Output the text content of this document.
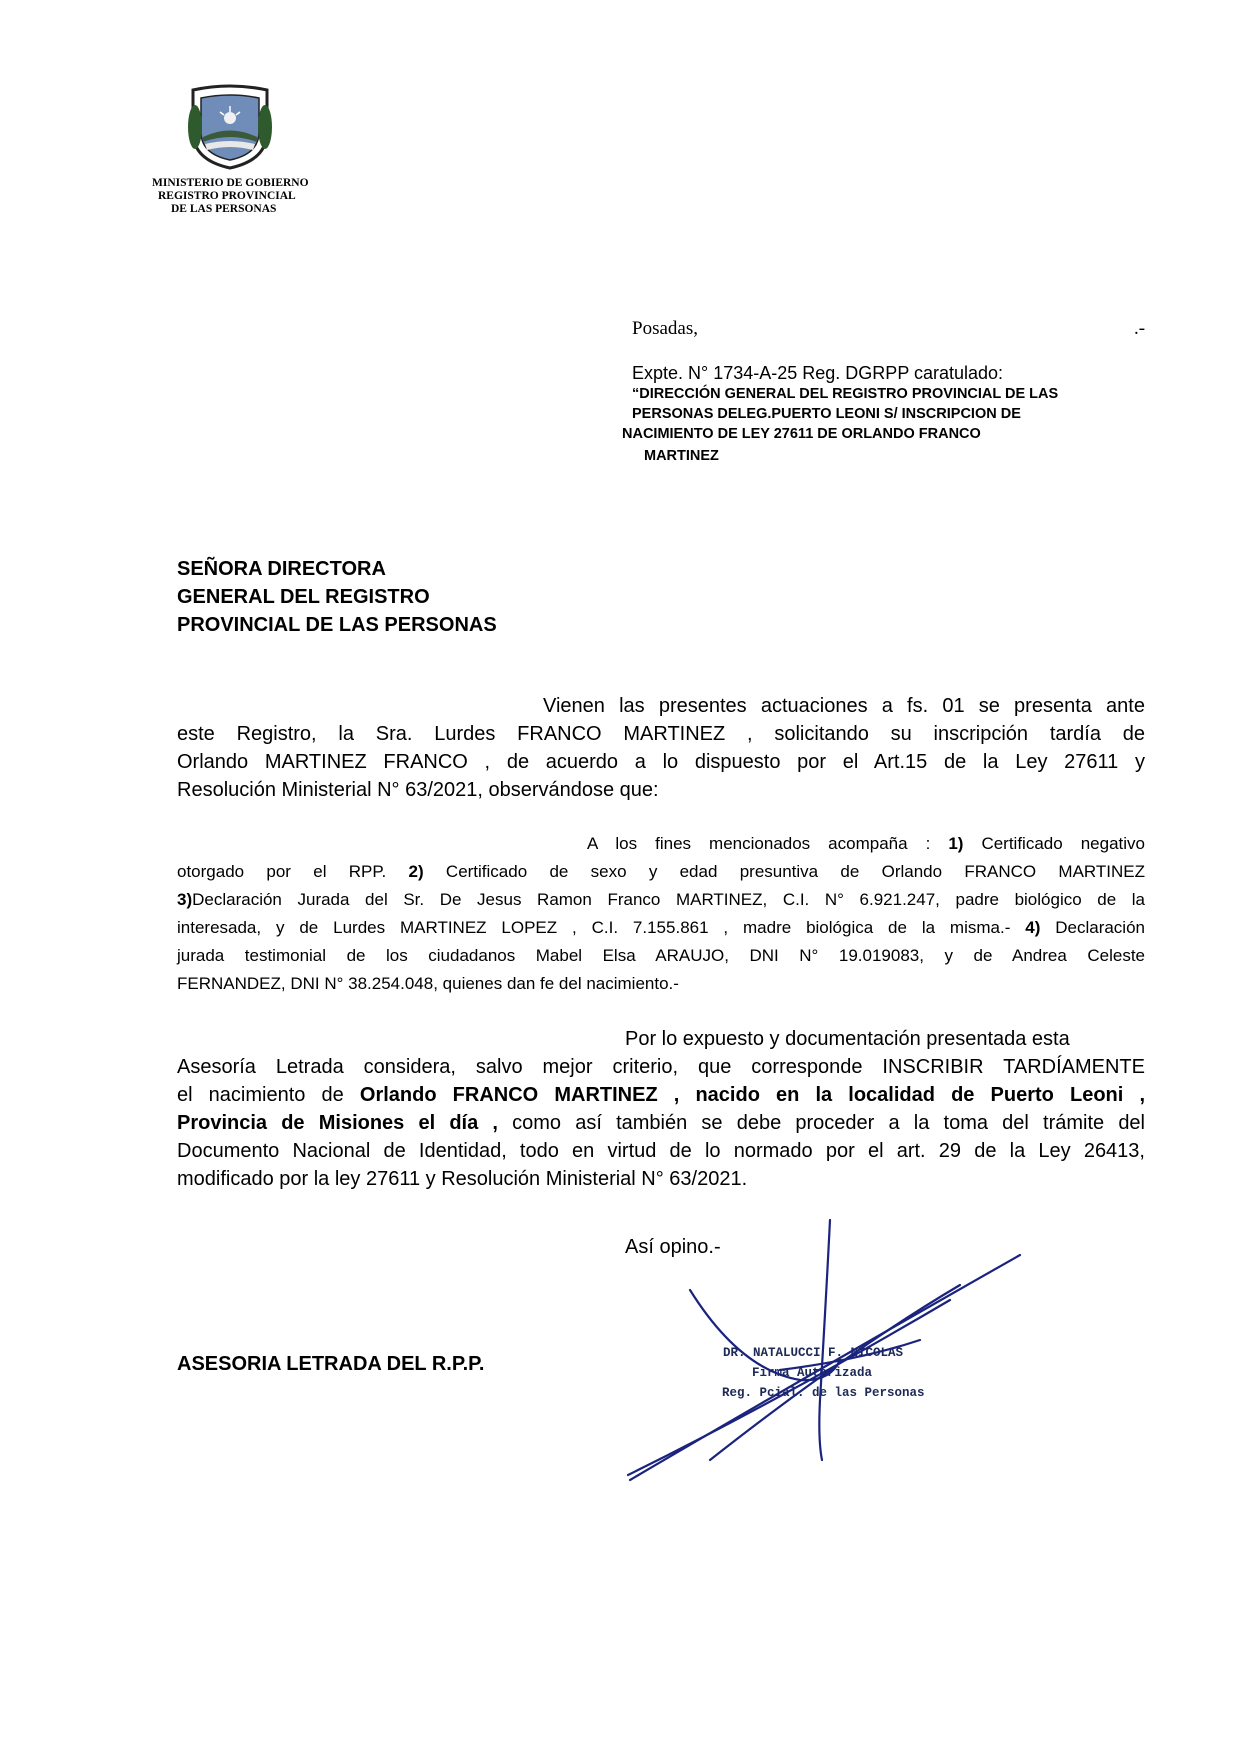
MINISTERIO DE GOBIERNO
REGISTRO PROVINCIAL
DE LAS PERSONAS
Posadas,	.-
Expte. N° 1734-A-25 Reg. DGRPP caratulado:
“DIRECCIÓN GENERAL DEL REGISTRO PROVINCIAL DE LAS
PERSONAS DELEG.PUERTO LEONI S/ INSCRIPCION DE
NACIMIENTO DE LEY 27611 DE ORLANDO FRANCO
MARTINEZ
SEÑORA DIRECTORA
GENERAL DEL REGISTRO
PROVINCIAL DE LAS PERSONAS
Vienen las presentes actuaciones a fs. 01 se presenta ante
este Registro, la Sra. Lurdes FRANCO MARTINEZ , solicitando su inscripción tardía de
Orlando MARTINEZ FRANCO , de acuerdo a lo dispuesto por el Art.15 de la Ley 27611 y
Resolución Ministerial N° 63/2021, observándose que:
A los fines mencionados acompaña : 1) Certificado negativo
otorgado por el RPP. 2) Certificado de sexo y edad presuntiva de Orlando FRANCO MARTINEZ
3)Declaración Jurada del Sr. De Jesus Ramon Franco MARTINEZ, C.I. N° 6.921.247, padre biológico de la
interesada, y de Lurdes MARTINEZ LOPEZ , C.I. 7.155.861 , madre biológica de la misma.- 4) Declaración
jurada testimonial de los ciudadanos Mabel Elsa ARAUJO, DNI N° 19.019083, y de Andrea Celeste
FERNANDEZ, DNI N° 38.254.048, quienes dan fe del nacimiento.-
Por lo expuesto y documentación presentada esta
Asesoría Letrada considera, salvo mejor criterio, que corresponde INSCRIBIR TARDÍAMENTE
el nacimiento de Orlando FRANCO MARTINEZ , nacido en la localidad de Puerto Leoni ,
Provincia de Misiones el día , como así también se debe proceder a la toma del trámite del
Documento Nacional de Identidad, todo en virtud de lo normado por el art. 29 de la Ley 26413,
modificado por la ley 27611 y Resolución Ministerial N° 63/2021.
Así opino.-
ASESORIA LETRADA DEL R.P.P.	DR. NATALUCCI F. NICOLAS
Firma Autorizada
Reg. Pcial. de las Personas
